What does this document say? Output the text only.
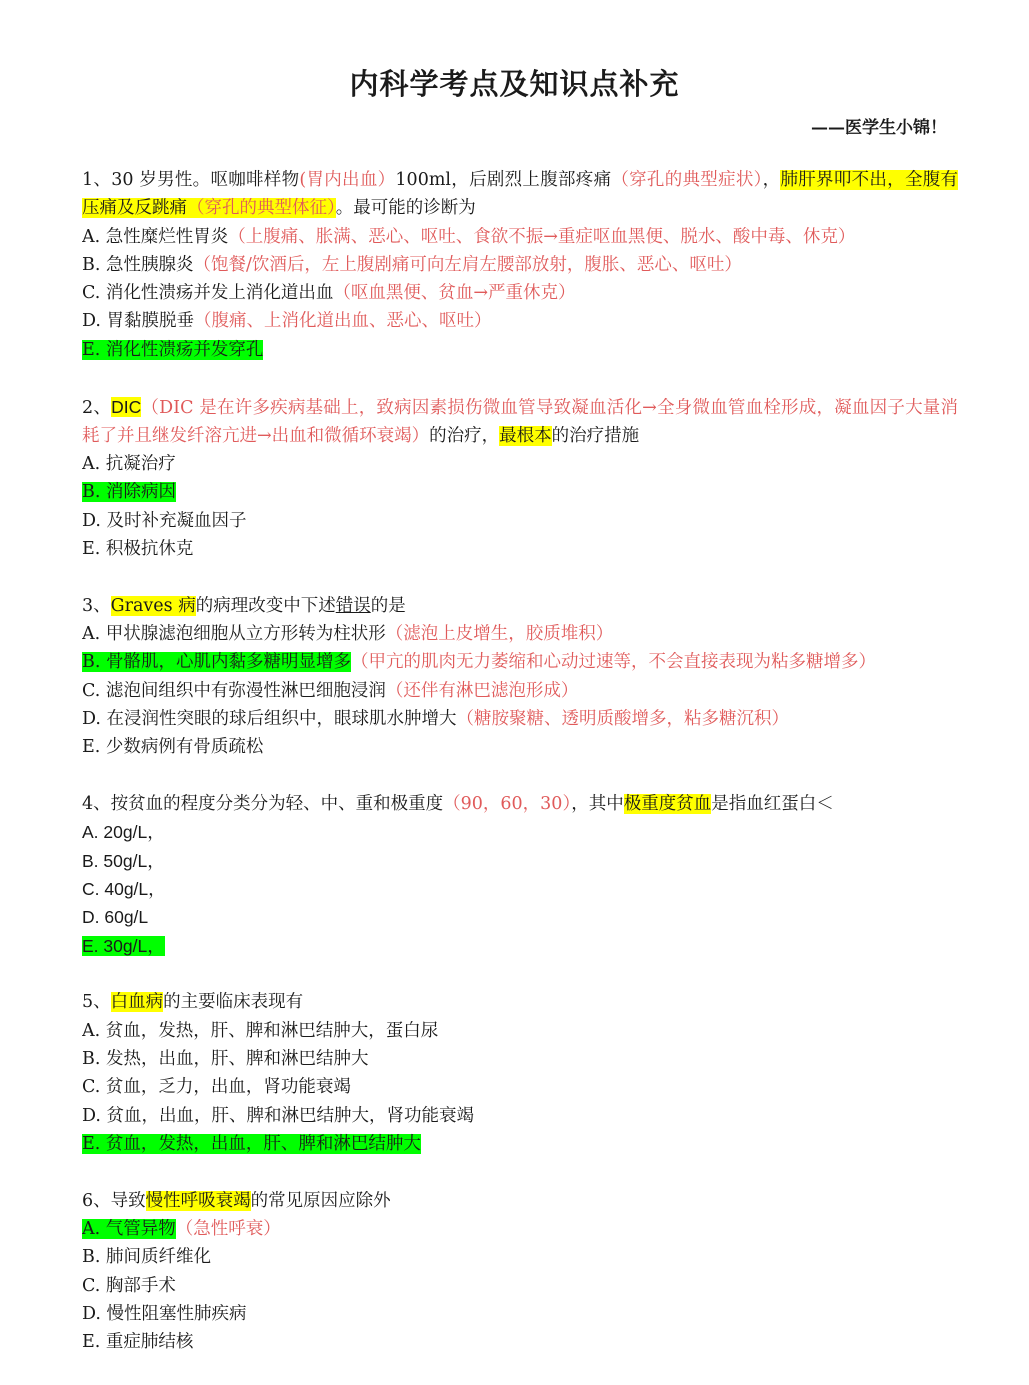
内科学考点及知识点补充
——医学生小锦！
1、30 岁男性。呕咖啡样物(胃内出血）100ml，后剧烈上腹部疼痛（穿孔的典型症状），肺肝界叩不出，全腹有压痛及反跳痛（穿孔的典型体征）。最可能的诊断为
A. 急性糜烂性胃炎（上腹痛、胀满、恶心、呕吐、食欲不振→重症呕血黑便、脱水、酸中毒、休克）
B. 急性胰腺炎（饱餐/饮酒后，左上腹剧痛可向左肩左腰部放射，腹胀、恶心、呕吐）
C. 消化性溃疡并发上消化道出血（呕血黑便、贫血→严重休克）
D. 胃黏膜脱垂（腹痛、上消化道出血、恶心、呕吐）
E. 消化性溃疡并发穿孔
2、DIC（DIC 是在许多疾病基础上，致病因素损伤微血管导致凝血活化→全身微血管血栓形成，凝血因子大量消耗了并且继发纤溶亢进→出血和微循环衰竭）的治疗，最根本的治疗措施
A. 抗凝治疗
B. 消除病因
D. 及时补充凝血因子
E. 积极抗休克
3、Graves 病的病理改变中下述错误的是
A. 甲状腺滤泡细胞从立方形转为柱状形（滤泡上皮增生，胶质堆积）
B. 骨骼肌，心肌内黏多糖明显增多（甲亢的肌肉无力萎缩和心动过速等，不会直接表现为粘多糖增多）
C. 滤泡间组织中有弥漫性淋巴细胞浸润（还伴有淋巴滤泡形成）
D. 在浸润性突眼的球后组织中，眼球肌水肿增大（糖胺聚糖、透明质酸增多，粘多糖沉积）
E. 少数病例有骨质疏松
4、按贫血的程度分类分为轻、中、重和极重度（90，60，30），其中极重度贫血是指血红蛋白＜
A. 20g/L，
B. 50g/L，
C. 40g/L，
D. 60g/L
E. 30g/L，
5、白血病的主要临床表现有
A. 贫血，发热，肝、脾和淋巴结肿大，蛋白尿
B. 发热，出血，肝、脾和淋巴结肿大
C. 贫血，乏力，出血，肾功能衰竭
D. 贫血，出血，肝、脾和淋巴结肿大，肾功能衰竭
E. 贫血，发热，出血，肝、脾和淋巴结肿大
6、导致慢性呼吸衰竭的常见原因应除外
A. 气管异物（急性呼衰）
B. 肺间质纤维化
C. 胸部手术
D. 慢性阻塞性肺疾病
E. 重症肺结核
